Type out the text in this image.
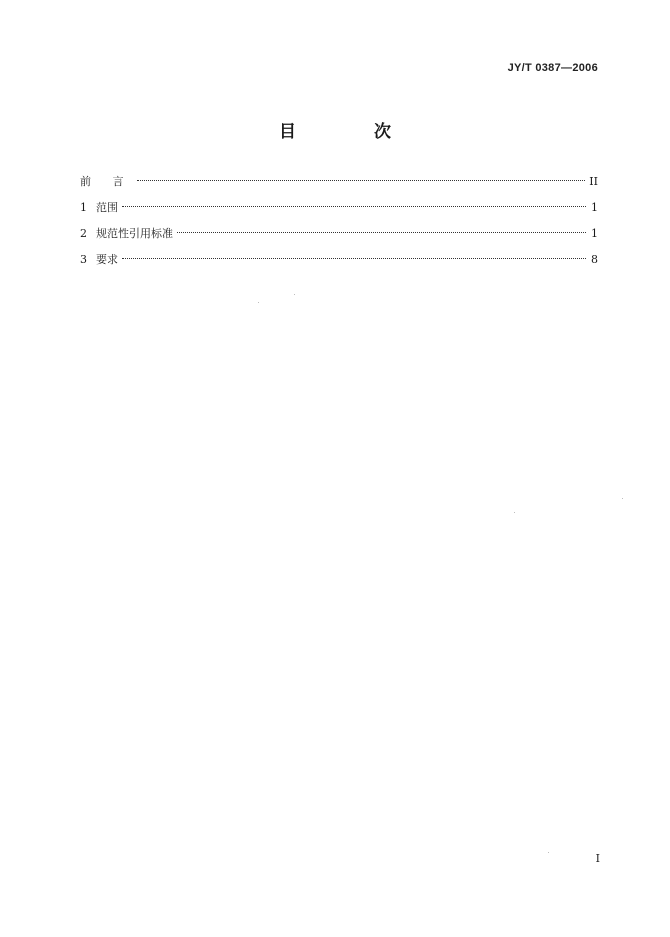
JY/T 0387—2006
目 次
前 言	II
1 范围	1
2 规范性引用标准	1
3 要求	8
I
